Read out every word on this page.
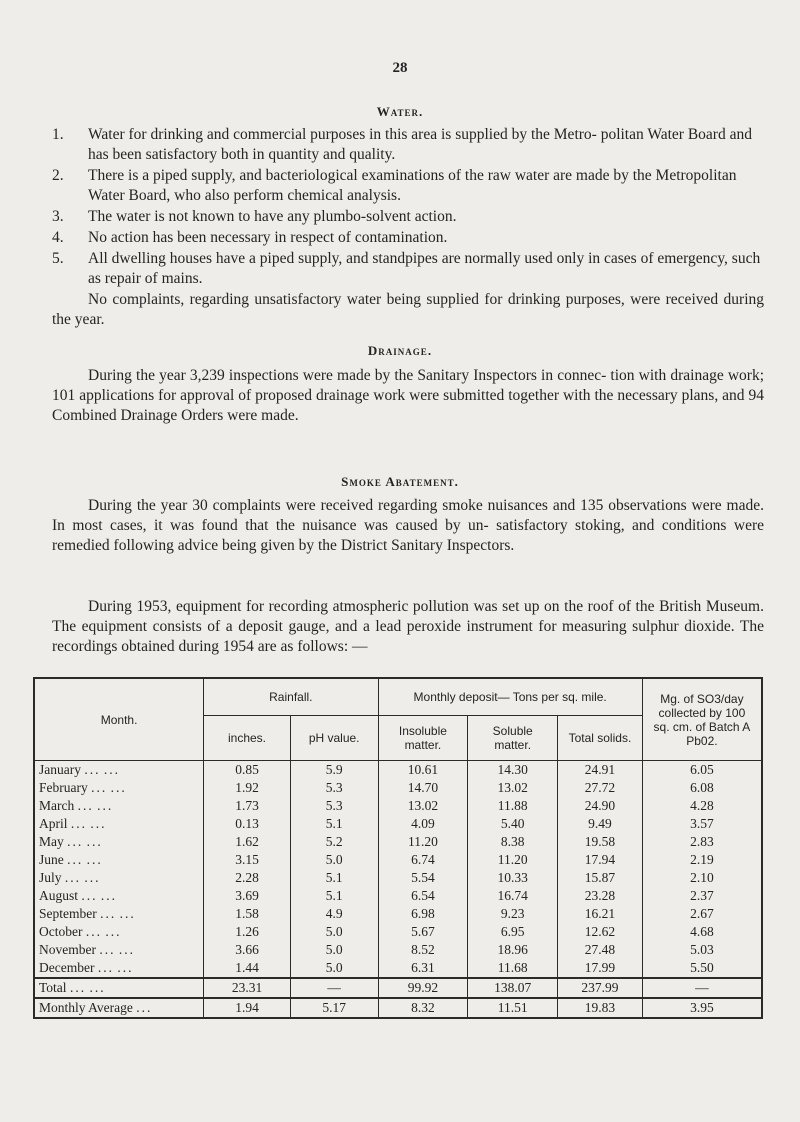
28
Water.
1.	Water for drinking and commercial purposes in this area is supplied by the Metro- politan Water Board and has been satisfactory both in quantity and quality.
2.	There is a piped supply, and bacteriological examinations of the raw water are made by the Metropolitan Water Board, who also perform chemical analysis.
3.	The water is not known to have any plumbo-solvent action.
4.	No action has been necessary in respect of contamination.
5.	All dwelling houses have a piped supply, and standpipes are normally used only in cases of emergency, such as repair of mains.

No complaints, regarding unsatisfactory water being supplied for drinking purposes, were received during the year.

Drainage.

During the year 3,239 inspections were made by the Sanitary Inspectors in connec- tion with drainage work; 101 applications for approval of proposed drainage work were submitted together with the necessary plans, and 94 Combined Drainage Orders were made.

Smoke Abatement.

During the year 30 complaints were received regarding smoke nuisances and 135 observations were made. In most cases, it was found that the nuisance was caused by un- satisfactory stoking, and conditions were remedied following advice being given by the District Sanitary Inspectors.

During 1953, equipment for recording atmospheric pollution was set up on the roof of the British Museum. The equipment consists of a deposit gauge, and a lead peroxide instrument for measuring sulphur dioxide. The recordings obtained during 1954 are as follows: —

Month.	Rainfall.		Monthly deposit— Tons per sq. mile.			Mg. of SO3/day collected by 100 sq. cm. of Batch A Pb02.
	inches.	pH value.	Insoluble matter.	Soluble matter.	Total solids.	
January ... ...	0.85	5.9	10.61	14.30	24.91	6.05
February ... ...	1.92	5.3	14.70	13.02	27.72	6.08
March ... ...	1.73	5.3	13.02	11.88	24.90	4.28
April ... ...	0.13	5.1	4.09	5.40	9.49	3.57
May ... ...	1.62	5.2	11.20	8.38	19.58	2.83
June ... ...	3.15	5.0	6.74	11.20	17.94	2.19
July ... ...	2.28	5.1	5.54	10.33	15.87	2.10
August ... ...	3.69	5.1	6.54	16.74	23.28	2.37
September ... ...	1.58	4.9	6.98	9.23	16.21	2.67
October ... ...	1.26	5.0	5.67	6.95	12.62	4.68
November ... ...	3.66	5.0	8.52	18.96	27.48	5.03
December ... ...	1.44	5.0	6.31	11.68	17.99	5.50
Total ... ...	23.31	—	99.92	138.07	237.99	—
Monthly Average ...	1.94	5.17	8.32	11.51	19.83	3.95
